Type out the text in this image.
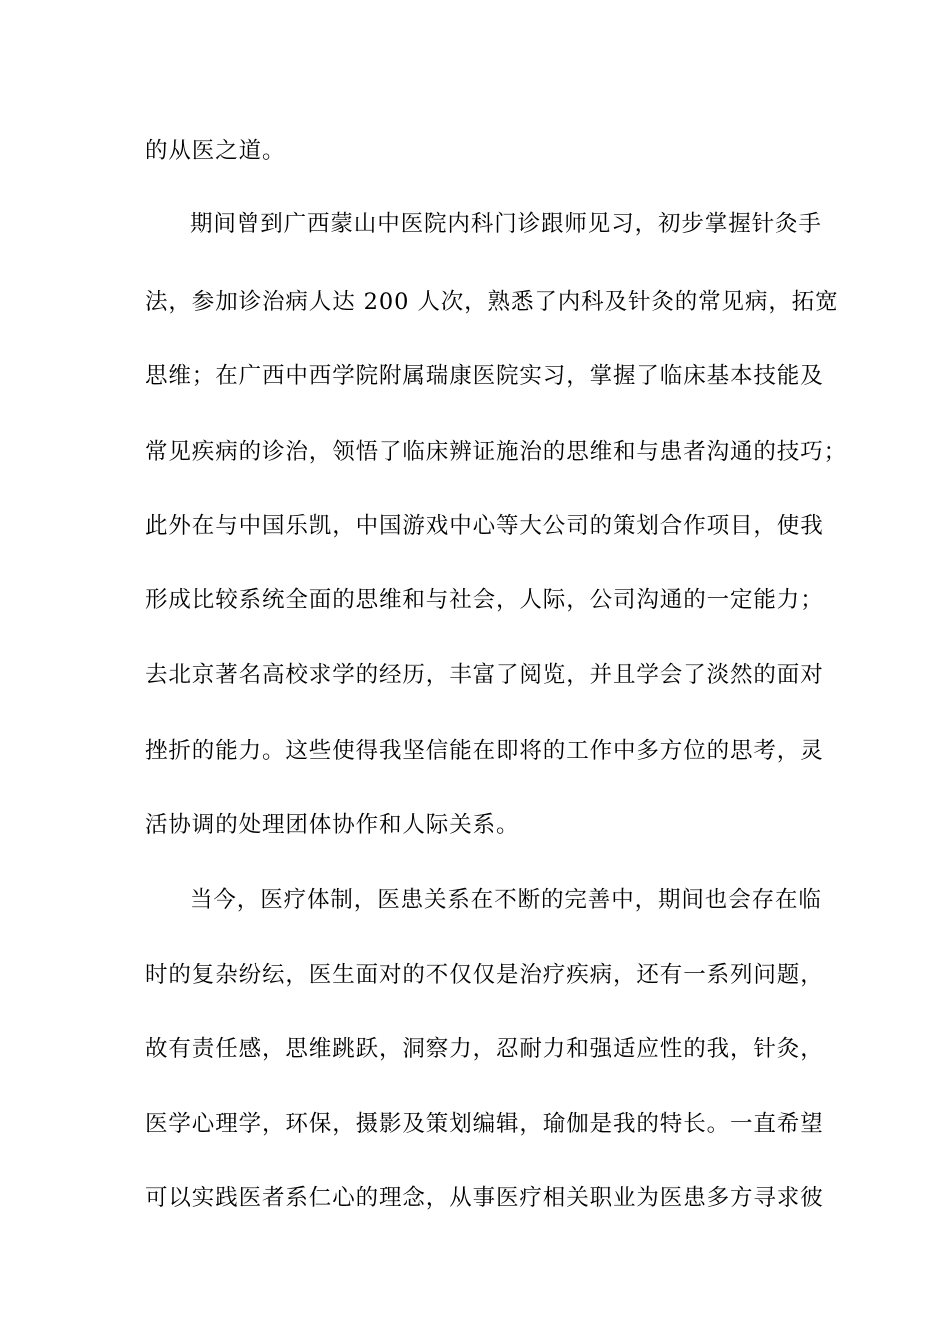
的从医之道。
期间曾到广西蒙山中医院内科门诊跟师见习，初步掌握针灸手
法，参加诊治病人达 200 人次，熟悉了内科及针灸的常见病，拓宽
思维；在广西中西学院附属瑞康医院实习，掌握了临床基本技能及
常见疾病的诊治，领悟了临床辨证施治的思维和与患者沟通的技巧；
此外在与中国乐凯，中国游戏中心等大公司的策划合作项目，使我
形成比较系统全面的思维和与社会，人际，公司沟通的一定能力；
去北京著名高校求学的经历，丰富了阅览，并且学会了淡然的面对
挫折的能力。这些使得我坚信能在即将的工作中多方位的思考，灵
活协调的处理团体协作和人际关系。
当今，医疗体制，医患关系在不断的完善中，期间也会存在临
时的复杂纷纭，医生面对的不仅仅是治疗疾病，还有一系列问题，
故有责任感，思维跳跃，洞察力，忍耐力和强适应性的我，针灸，
医学心理学，环保，摄影及策划编辑，瑜伽是我的特长。一直希望
可以实践医者系仁心的理念，从事医疗相关职业为医患多方寻求彼
